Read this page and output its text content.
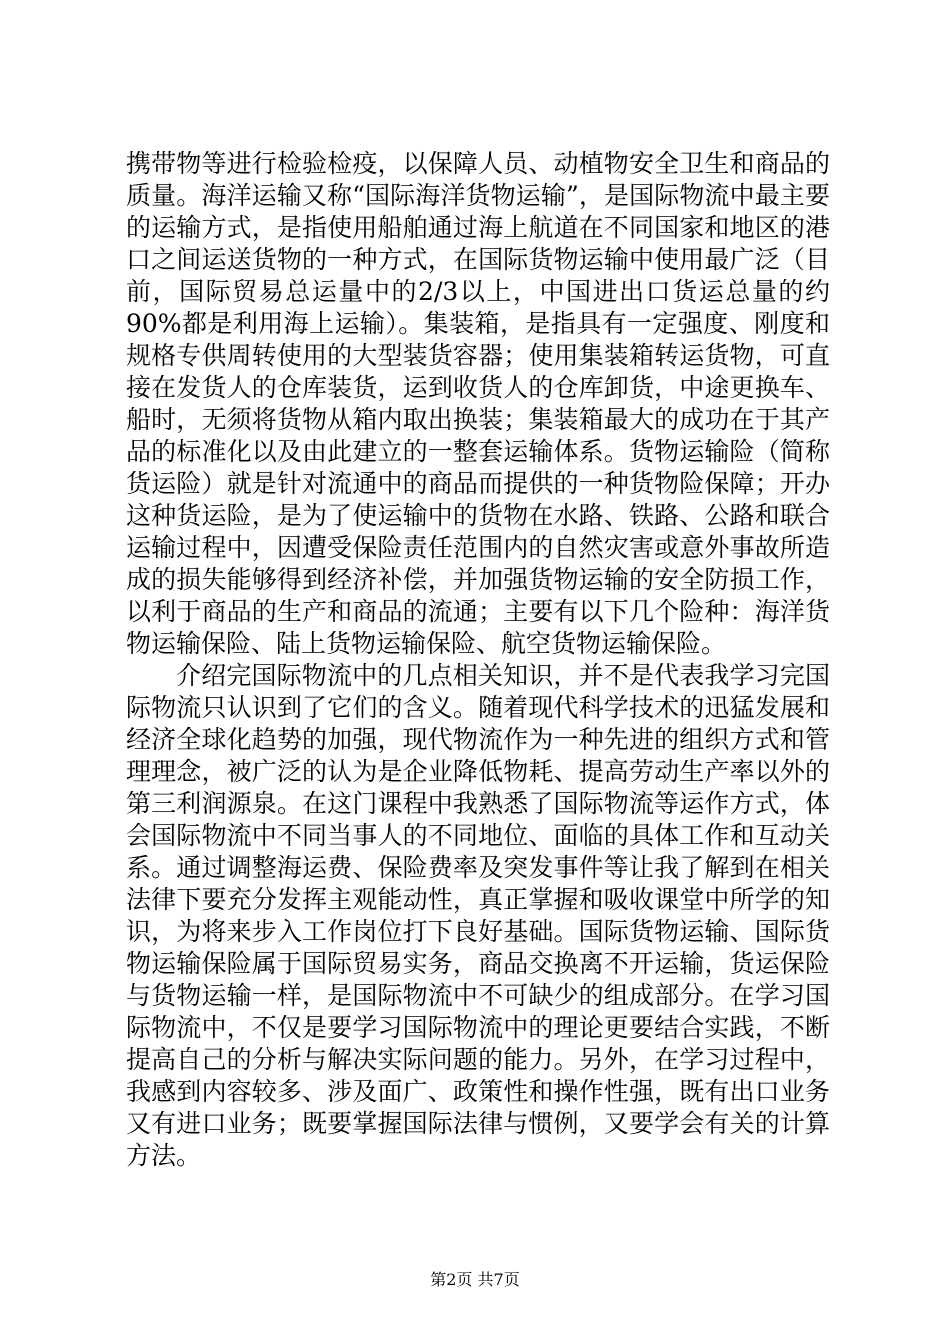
携带物等进行检验检疫，以保障人员、动植物安全卫生和商品的质量。海洋运输又称“国际海洋货物运输”，是国际物流中最主要的运输方式，是指使用船舶通过海上航道在不同国家和地区的港口之间运送货物的一种方式，在国际货物运输中使用最广泛（目前，国际贸易总运量中的2/3以上，中国进出口货运总量的约90%都是利用海上运输）。集装箱，是指具有一定强度、刚度和规格专供周转使用的大型装货容器；使用集装箱转运货物，可直接在发货人的仓库装货，运到收货人的仓库卸货，中途更换车、船时，无须将货物从箱内取出换装；集装箱最大的成功在于其产品的标准化以及由此建立的一整套运输体系。货物运输险（简称货运险）就是针对流通中的商品而提供的一种货物险保障；开办这种货运险，是为了使运输中的货物在水路、铁路、公路和联合运输过程中，因遭受保险责任范围内的自然灾害或意外事故所造成的损失能够得到经济补偿，并加强货物运输的安全防损工作，以利于商品的生产和商品的流通；主要有以下几个险种：海洋货物运输保险、陆上货物运输保险、航空货物运输保险。

介绍完国际物流中的几点相关知识，并不是代表我学习完国际物流只认识到了它们的含义。随着现代科学技术的迅猛发展和经济全球化趋势的加强，现代物流作为一种先进的组织方式和管理理念，被广泛的认为是企业降低物耗、提高劳动生产率以外的第三利润源泉。在这门课程中我熟悉了国际物流等运作方式，体会国际物流中不同当事人的不同地位、面临的具体工作和互动关系。通过调整海运费、保险费率及突发事件等让我了解到在相关法律下要充分发挥主观能动性，真正掌握和吸收课堂中所学的知识，为将来步入工作岗位打下良好基础。国际货物运输、国际货物运输保险属于国际贸易实务，商品交换离不开运输，货运保险与货物运输一样，是国际物流中不可缺少的组成部分。在学习国际物流中，不仅是要学习国际物流中的理论更要结合实践，不断提高自己的分析与解决实际问题的能力。另外，在学习过程中，我感到内容较多、涉及面广、政策性和操作性强，既有出口业务又有进口业务；既要掌握国际法律与惯例，又要学会有关的计算方法。

第2页 共7页
